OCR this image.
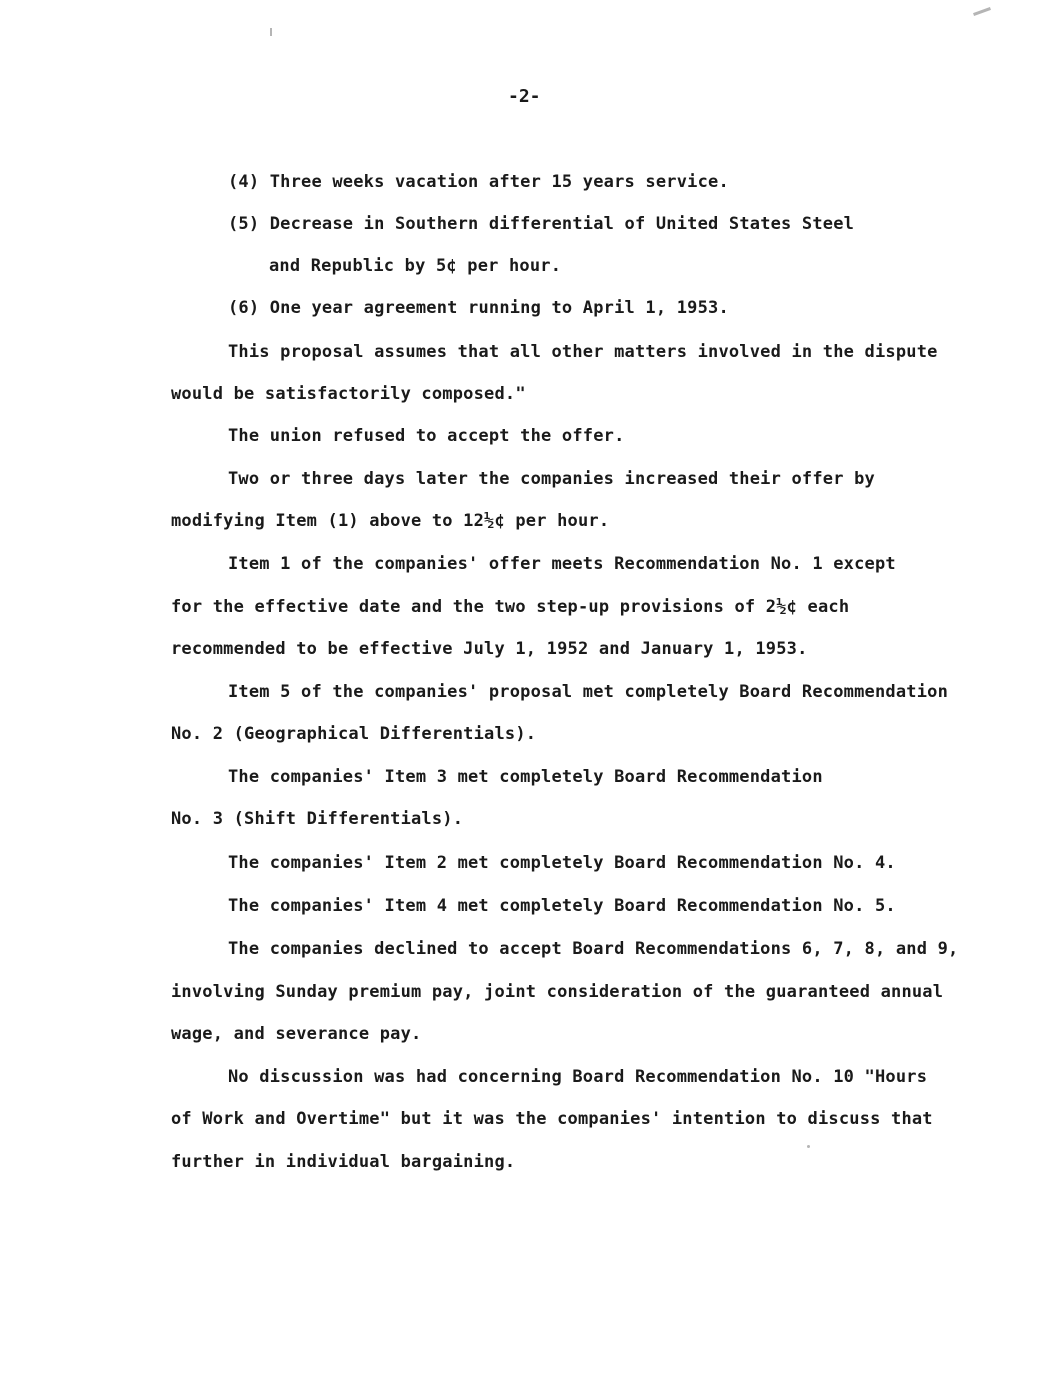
-2-
(4) Three weeks vacation after 15 years service.
(5) Decrease in Southern differential of United States Steel
and Republic by 5¢ per hour.
(6) One year agreement running to April 1, 1953.
This proposal assumes that all other matters involved in the dispute
would be satisfactorily composed."
The union refused to accept the offer.
Two or three days later the companies increased their offer by
modifying Item (1) above to 12½¢ per hour.
Item 1 of the companies' offer meets Recommendation No. 1 except
for the effective date and the two step-up provisions of 2½¢ each
recommended to be effective July 1, 1952 and January 1, 1953.
Item 5 of the companies' proposal met completely Board Recommendation
No. 2 (Geographical Differentials).
The companies' Item 3 met completely Board Recommendation
No. 3 (Shift Differentials).
The companies' Item 2 met completely Board Recommendation No. 4.
The companies' Item 4 met completely Board Recommendation No. 5.
The companies declined to accept Board Recommendations 6, 7, 8, and 9,
involving Sunday premium pay, joint consideration of the guaranteed annual
wage, and severance pay.
No discussion was had concerning Board Recommendation No. 10 "Hours
of Work and Overtime" but it was the companies' intention to discuss that
further in individual bargaining.
